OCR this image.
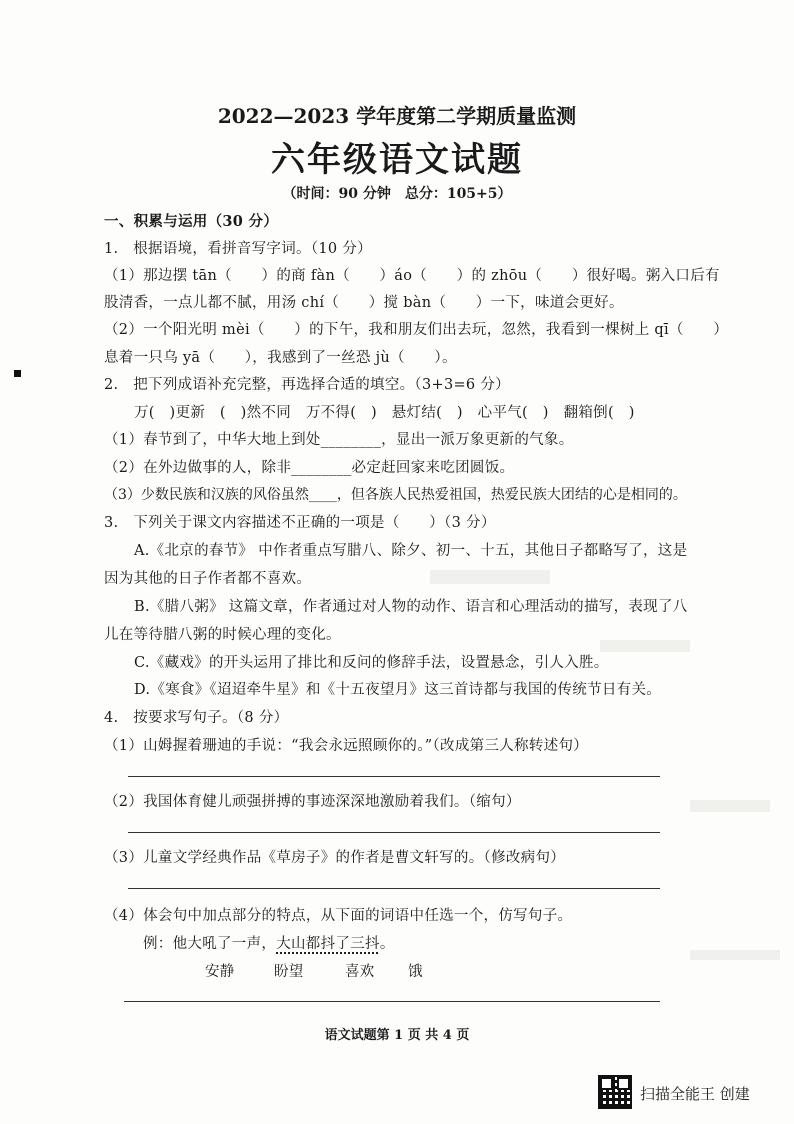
2022—2023 学年度第二学期质量监测
六年级语文试题
（时间：90 分钟　总分：105+5）
一、积累与运用（30 分）
1.　根据语境，看拼音写字词。（10 分）
（1）那边摆 tān（　　）的商 fàn（　　）áo（　　）的 zhōu（　　）很好喝。粥入口后有
股清香，一点儿都不腻，用汤 chí（　　）搅 bàn（　　）一下，味道会更好。
（2）一个阳光明 mèi（　　）的下午，我和朋友们出去玩，忽然，我看到一棵树上 qī（　　）
息着一只乌 yā（　　），我感到了一丝恐 jù（　　）。
2.　把下列成语补充完整，再选择合适的填空。（3+3=6 分）
万(　)更新　(　)然不同　万不得(　)　悬灯结(　)　心平气(　)　翻箱倒(　)
（1）春节到了，中华大地上到处________，显出一派万象更新的气象。
（2）在外边做事的人，除非________必定赶回家来吃团圆饭。
（3）少数民族和汉族的风俗虽然____，但各族人民热爱祖国，热爱民族大团结的心是相同的。
3.　下列关于课文内容描述不正确的一项是（　　）（3 分）
A.《北京的春节》 中作者重点写腊八、除夕、初一、十五，其他日子都略写了，这是
因为其他的日子作者都不喜欢。
B.《腊八粥》 这篇文章，作者通过对人物的动作、语言和心理活动的描写，表现了八
儿在等待腊八粥的时候心理的变化。
C.《藏戏》的开头运用了排比和反问的修辞手法，设置悬念，引人入胜。
D.《寒食》《迢迢牵牛星》和《十五夜望月》这三首诗都与我国的传统节日有关。
4.　按要求写句子。（8 分）
（1）山姆握着珊迪的手说：“我会永远照顾你的。”（改成第三人称转述句）
（2）我国体育健儿顽强拼搏的事迹深深地激励着我们。（缩句）
（3）儿童文学经典作品《草房子》的作者是曹文轩写的。（修改病句）
（4）体会句中加点部分的特点，从下面的词语中任选一个，仿写句子。
例：他大吼了一声，大山都抖了三抖。
安静	盼望	喜欢 饿
语文试题第 1 页 共 4 页
扫描全能王 创建
